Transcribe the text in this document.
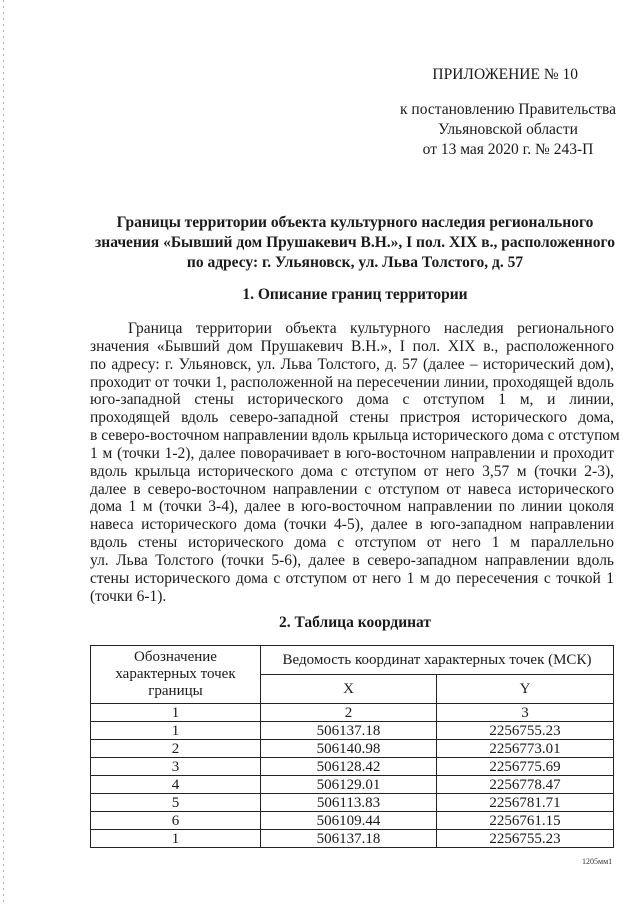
ПРИЛОЖЕНИЕ № 10
к постановлению Правительства
Ульяновской области
от 13 мая 2020 г. № 243-П
Границы территории объекта культурного наследия регионального
значения «Бывший дом Прушакевич В.Н.», I пол. XIX в., расположенного
по адресу: г. Ульяновск, ул. Льва Толстого, д. 57
1. Описание границ территории
Граница территории объекта культурного наследия регионального
значения «Бывший дом Прушакевич В.Н.», I пол. XIX в., расположенного
по адресу: г. Ульяновск, ул. Льва Толстого, д. 57 (далее – исторический дом),
проходит от точки 1, расположенной на пересечении линии, проходящей вдоль
юго-западной стены исторического дома с отступом 1 м, и линии,
проходящей вдоль северо-западной стены пристроя исторического дома,
в северо-восточном направлении вдоль крыльца исторического дома с отступом
1 м (точки 1-2), далее поворачивает в юго-восточном направлении и проходит
вдоль крыльца исторического дома с отступом от него 3,57 м (точки 2-3),
далее в северо-восточном направлении с отступом от навеса исторического
дома 1 м (точки 3-4), далее в юго-восточном направлении по линии цоколя
навеса исторического дома (точки 4-5), далее в юго-западном направлении
вдоль стены исторического дома с отступом от него 1 м параллельно
ул. Льва Толстого (точки 5-6), далее в северо-западном направлении вдоль
стены исторического дома с отступом от него 1 м до пересечения с точкой 1
(точки 6-1).
2. Таблица координат
Обозначение
характерных точек
границы	Ведомость координат характерных точек (МСК)	
	X	Y
1	2	3
1	506137.18	2256755.23
2	506140.98	2256773.01
3	506128.42	2256775.69
4	506129.01	2256778.47
5	506113.83	2256781.71
6	506109.44	2256761.15
1	506137.18	2256755.23
1205мм1
